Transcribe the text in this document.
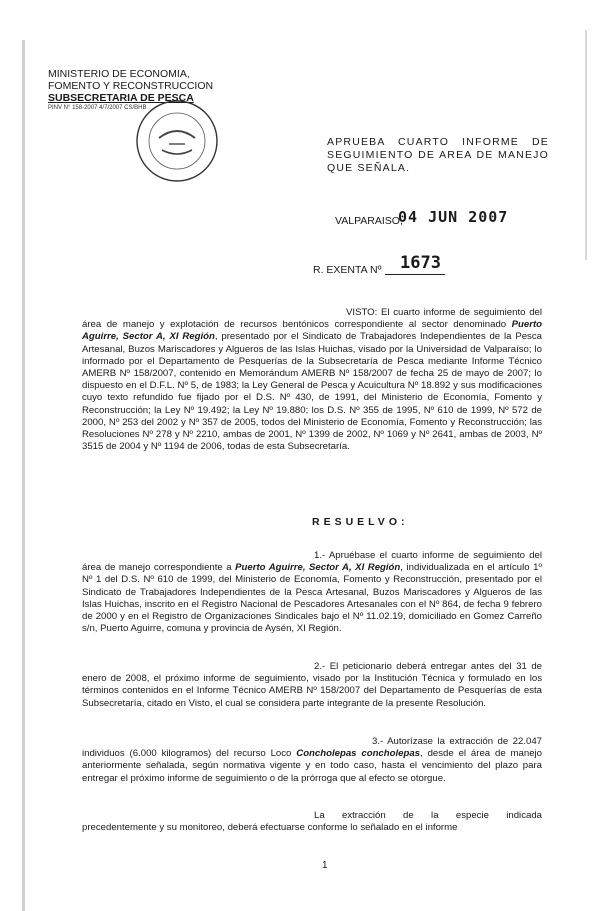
MINISTERIO DE ECONOMIA,
FOMENTO Y RECONSTRUCCION
SUBSECRETARIA DE PESCA
PINV N° 158-2007 4/7/2007 CS/BHB
APRUEBA CUARTO INFORME DE SEGUIMIENTO DE AREA DE MANEJO QUE SEÑALA.
VALPARAISO,
04 JUN 2007
R. EXENTA Nº 1673
VISTO: El cuarto informe de seguimiento del área de manejo y explotación de recursos bentónicos correspondiente al sector denominado Puerto Aguirre, Sector A, XI Región, presentado por el Sindicato de Trabajadores Independientes de la Pesca Artesanal, Buzos Mariscadores y Algueros de las Islas Huichas, visado por la Universidad de Valparaíso; lo informado por el Departamento de Pesquerías de la Subsecretaría de Pesca mediante Informe Técnico AMERB Nº 158/2007, contenido en Memorándum AMERB Nº 158/2007 de fecha 25 de mayo de 2007; lo dispuesto en el D.F.L. Nº 5, de 1983; la Ley General de Pesca y Acuicultura Nº 18.892 y sus modificaciones cuyo texto refundido fue fijado por el D.S. Nº 430, de 1991, del Ministerio de Economía, Fomento y Reconstrucción; la Ley Nº 19.492; la Ley Nº 19.880; los D.S. Nº 355 de 1995, Nº 610 de 1999, Nº 572 de 2000, Nº 253 del 2002 y Nº 357 de 2005, todos del Ministerio de Economía, Fomento y Reconstrucción; las Resoluciones Nº 278 y Nº 2210, ambas de 2001, Nº 1399 de 2002, Nº 1069 y Nº 2641, ambas de 2003, Nº 3515 de 2004 y Nº 1194 de 2006, todas de esta Subsecretaría.
RESUELVO:
1.- Apruébase el cuarto informe de seguimiento del área de manejo correspondiente a Puerto Aguirre, Sector A, XI Región, individualizada en el artículo 1º Nº 1 del D.S. Nº 610 de 1999, del Ministerio de Economía, Fomento y Reconstrucción, presentado por el Sindicato de Trabajadores Independientes de la Pesca Artesanal, Buzos Mariscadores y Algueros de las Islas Huichas, inscrito en el Registro Nacional de Pescadores Artesanales con el Nº 864, de fecha 9 febrero de 2000 y en el Registro de Organizaciones Sindicales bajo el Nº 11.02.19, domiciliado en Gomez Carreño s/n, Puerto Aguirre, comuna y provincia de Aysén, XI Región.
2.- El peticionario deberá entregar antes del 31 de enero de 2008, el próximo informe de seguimiento, visado por la Institución Técnica y formulado en los términos contenidos en el Informe Técnico AMERB Nº 158/2007 del Departamento de Pesquerías de esta Subsecretaría, citado en Visto, el cual se considera parte integrante de la presente Resolución.
3.- Autorízase la extracción de 22.047 individuos (6.000 kilogramos) del recurso Loco Concholepas concholepas, desde el área de manejo anteriormente señalada, según normativa vigente y en todo caso, hasta el vencimiento del plazo para entregar el próximo informe de seguimiento o de la prórroga que al efecto se otorgue.
La extracción de la especie indicada precedentemente y su monitoreo, deberá efectuarse conforme lo señalado en el informe
1
